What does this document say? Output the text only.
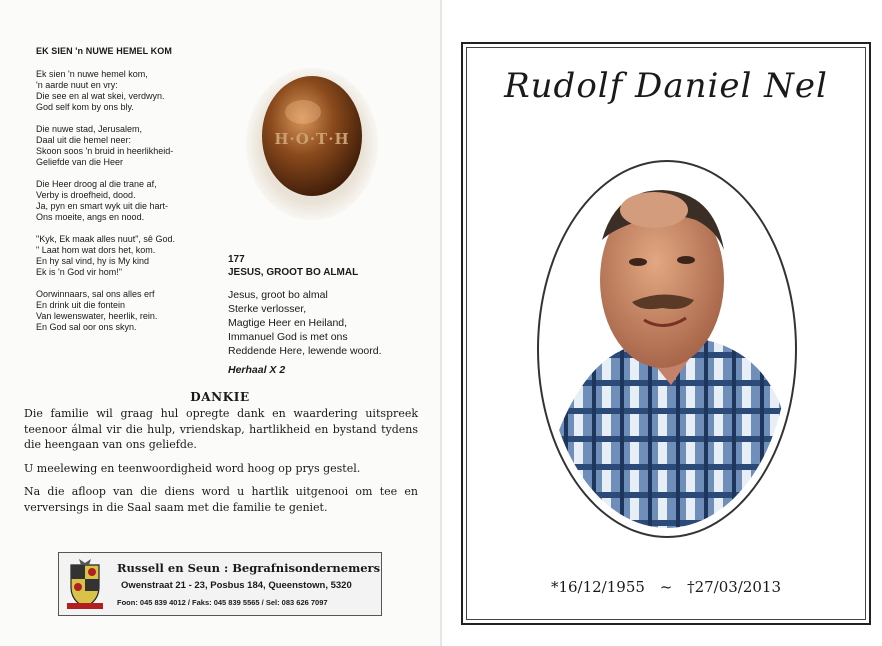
EK SIEN 'n NUWE HEMEL KOM
Ek sien 'n nuwe hemel kom,
'n aarde nuut en vry:
Die see en al wat skei, verdwyn.
God self kom by ons bly.
Die nuwe stad, Jerusalem,
Daal uit die hemel neer:
Skoon soos 'n bruid in heerlikheid-
Geliefde van die Heer
Die Heer droog al die trane af,
Verby is droefheid, dood.
Ja, pyn en smart wyk uit die hart-
Ons moeite, angs en nood.
"Kyk, Ek maak alles nuut", sê God.
" Laat hom wat dors het, kom.
En hy sal vind, hy is My kind
Ek is 'n God vir hom!"
Oorwinnaars, sal ons alles erf
En drink uit die fontein
Van lewenswater, heerlik, rein.
En God sal oor ons skyn.
H·O·T·H
177
JESUS, GROOT BO ALMAL
Jesus, groot bo almal
Sterke verlosser,
Magtige Heer en Heiland,
Immanuel God is met ons
Reddende Here, lewende woord.
Herhaal X 2
DANKIE

Die familie wil graag hul opregte dank en waardering uitspreek teenoor álmal vir die hulp, vriendskap, hartlikheid en bystand tydens die heengaan van ons geliefde.

U meelewing en teenwoordigheid word hoog op prys gestel.

Na die afloop van die diens word u hartlik uitgenooi om tee en verversings in die Saal saam met die familie te geniet.

Russell en Seun : Begrafnisondernemers
Owenstraat 21 - 23, Posbus 184, Queenstown, 5320
Foon: 045 839 4012 / Faks: 045 839 5565 / Sel: 083 626 7097
Rudolf Daniel Nel
*16/12/1955 ~ †27/03/2013
